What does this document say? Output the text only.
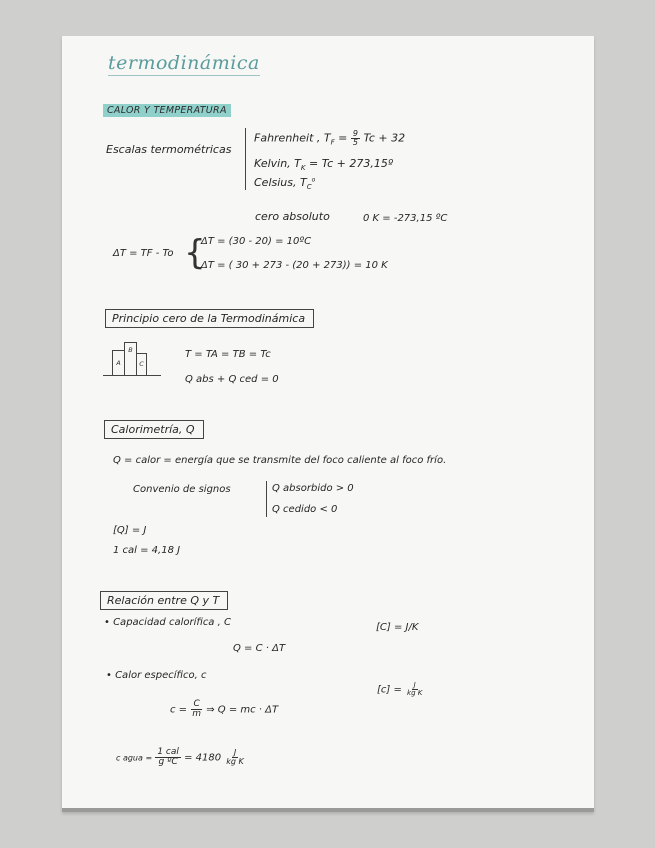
termodinámica
CALOR Y TEMPERATURA
Escalas termométricas
Fahrenheit , $T_F = \frac{9}{5}$ Tc + 32
Kelvin, $T_K = Tc$ + 273,15º
Celsius, $T_C^o$
cero absoluto	0 K = -273,15 ºC
ΔT = TF - To {
ΔT = (30 - 20) = 10ºC
ΔT = ( 30 + 273 - (20 + 273)) = 10 K
Principio cero de la Termodinámica
A
B
C
T = TA = TB = Tc
Q abs + Q ced = 0
Calorimetría, Q
Q = calor = energía que se transmite del foco caliente al foco frío.
Convenio de signos	Q absorbido > 0
Q cedido < 0
[Q] = J
1 cal = 4,18 J
Relación entre Q y T
• Capacidad calorífica , C	[C] = J/K
Q = C · ΔT
• Calor específico, c
$[c] = \frac{J}{\text{kg K}}$
$c = \frac{C}{m}$ ⇒ Q = mc · ΔT
c agua = $\frac{\text{1 cal}}{\text{g ºC}} = 4180 \frac{J}{\text{kg K}}$
